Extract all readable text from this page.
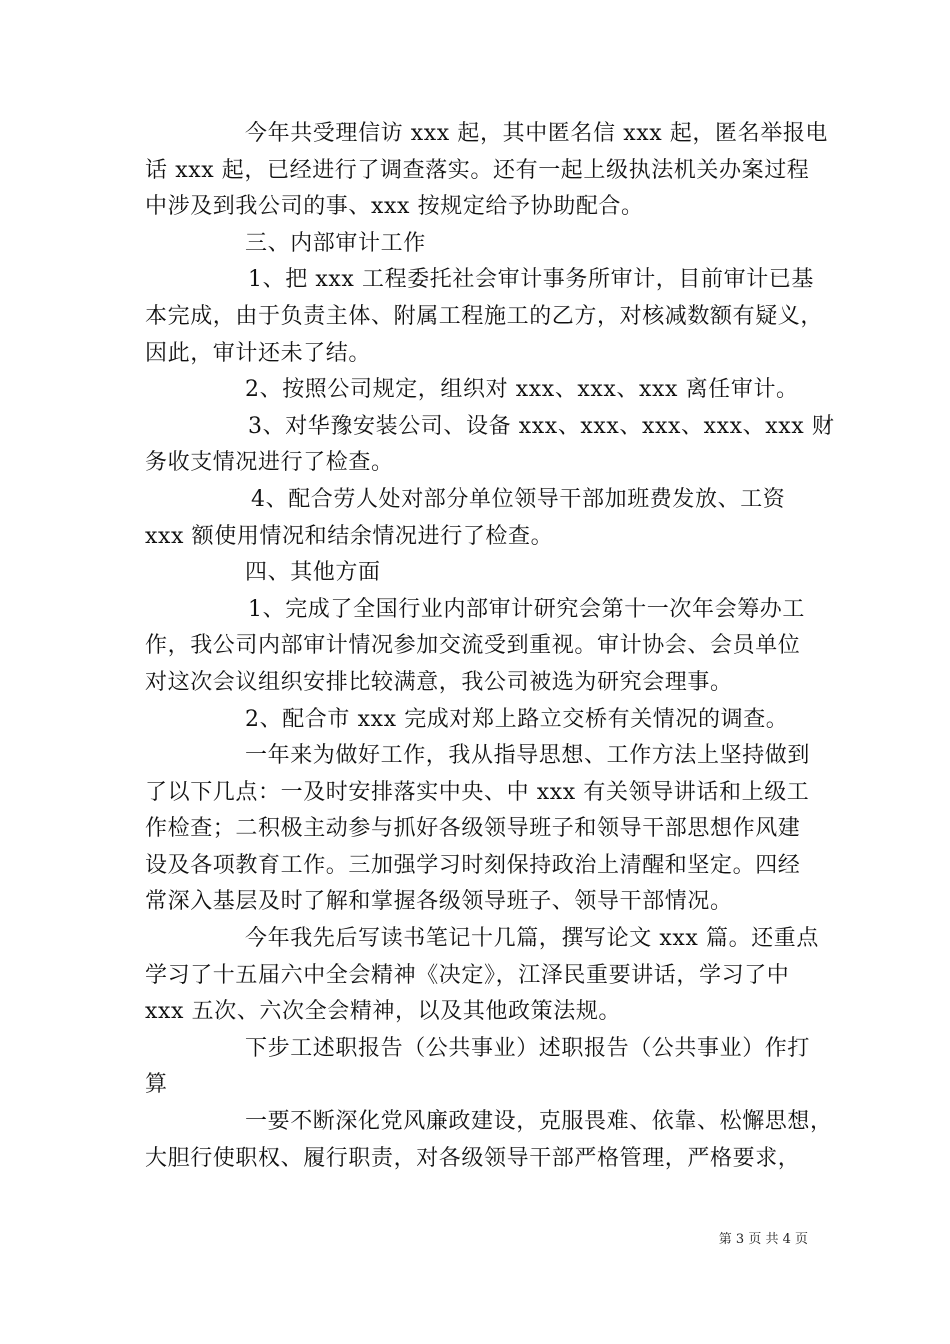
今年共受理信访 xxx 起，其中匿名信 xxx 起，匿名举报电
话 xxx 起，已经进行了调查落实。还有一起上级执法机关办案过程
中涉及到我公司的事、xxx 按规定给予协助配合。
三、内部审计工作
1、把 xxx 工程委托社会审计事务所审计，目前审计已基
本完成，由于负责主体、附属工程施工的乙方，对核减数额有疑义，
因此，审计还未了结。
2、按照公司规定，组织对 xxx、xxx、xxx 离任审计。
3、对华豫安装公司、设备 xxx、xxx、xxx、xxx、xxx 财
务收支情况进行了检查。
4、配合劳人处对部分单位领导干部加班费发放、工资
xxx 额使用情况和结余情况进行了检查。
四、其他方面
1、完成了全国行业内部审计研究会第十一次年会筹办工
作，我公司内部审计情况参加交流受到重视。审计协会、会员单位
对这次会议组织安排比较满意，我公司被选为研究会理事。
2、配合市 xxx 完成对郑上路立交桥有关情况的调查。
一年来为做好工作，我从指导思想、工作方法上坚持做到
了以下几点：一及时安排落实中央、中 xxx 有关领导讲话和上级工
作检查；二积极主动参与抓好各级领导班子和领导干部思想作风建
设及各项教育工作。三加强学习时刻保持政治上清醒和坚定。四经
常深入基层及时了解和掌握各级领导班子、领导干部情况。
今年我先后写读书笔记十几篇，撰写论文 xxx 篇。还重点
学习了十五届六中全会精神《决定》，江泽民重要讲话，学习了中
xxx 五次、六次全会精神，以及其他政策法规。
下步工述职报告（公共事业）述职报告（公共事业）作打
算
一要不断深化党风廉政建设，克服畏难、依靠、松懈思想，
大胆行使职权、履行职责，对各级领导干部严格管理，严格要求，
第 3 页 共 4 页
